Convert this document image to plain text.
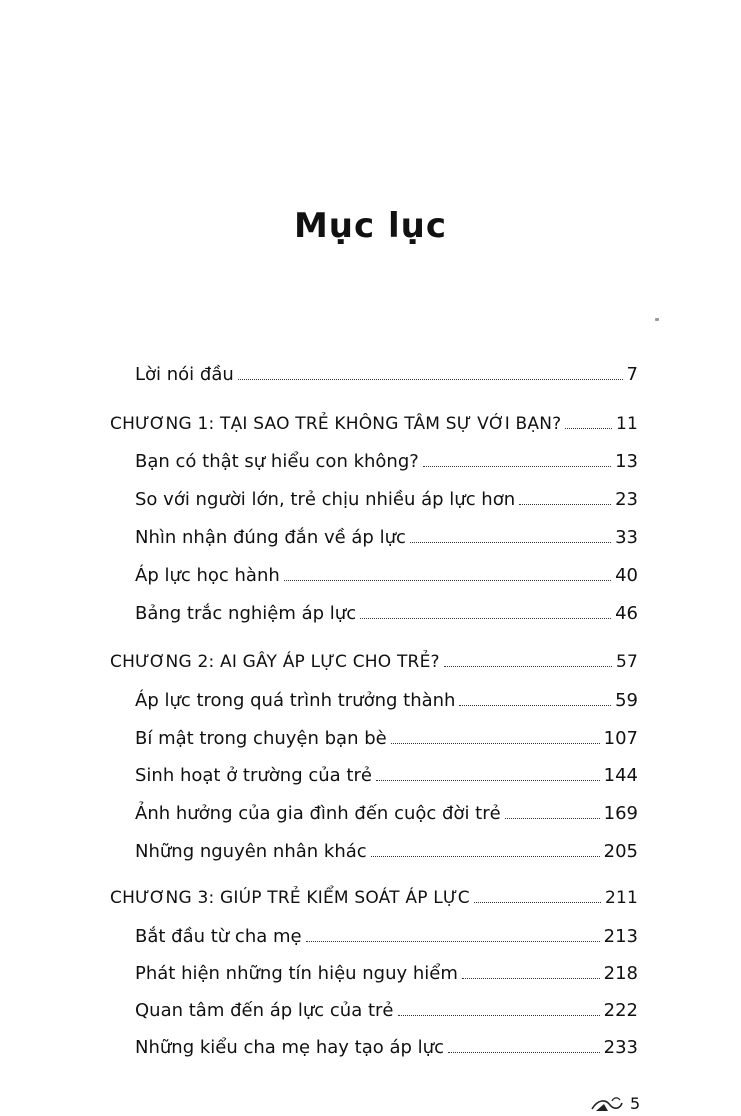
Mục lục
Lời nói đầu	7
CHƯƠNG 1: TẠI SAO TRẺ KHÔNG TÂM SỰ VỚI BẠN?	11
Bạn có thật sự hiểu con không?	13
So với người lớn, trẻ chịu nhiều áp lực hơn	23
Nhìn nhận đúng đắn về áp lực	33
Áp lực học hành	40
Bảng trắc nghiệm áp lực	46
CHƯƠNG 2: AI GÂY ÁP LỰC CHO TRẺ?	57
Áp lực trong quá trình trưởng thành	59
Bí mật trong chuyện bạn bè	107
Sinh hoạt ở trường của trẻ	144
Ảnh hưởng của gia đình đến cuộc đời trẻ	169
Những nguyên nhân khác	205
CHƯƠNG 3: GIÚP TRẺ KIỂM SOÁT ÁP LỰC	211
Bắt đầu từ cha mẹ	213
Phát hiện những tín hiệu nguy hiểm	218
Quan tâm đến áp lực của trẻ	222
Những kiểu cha mẹ hay tạo áp lực	233
5
